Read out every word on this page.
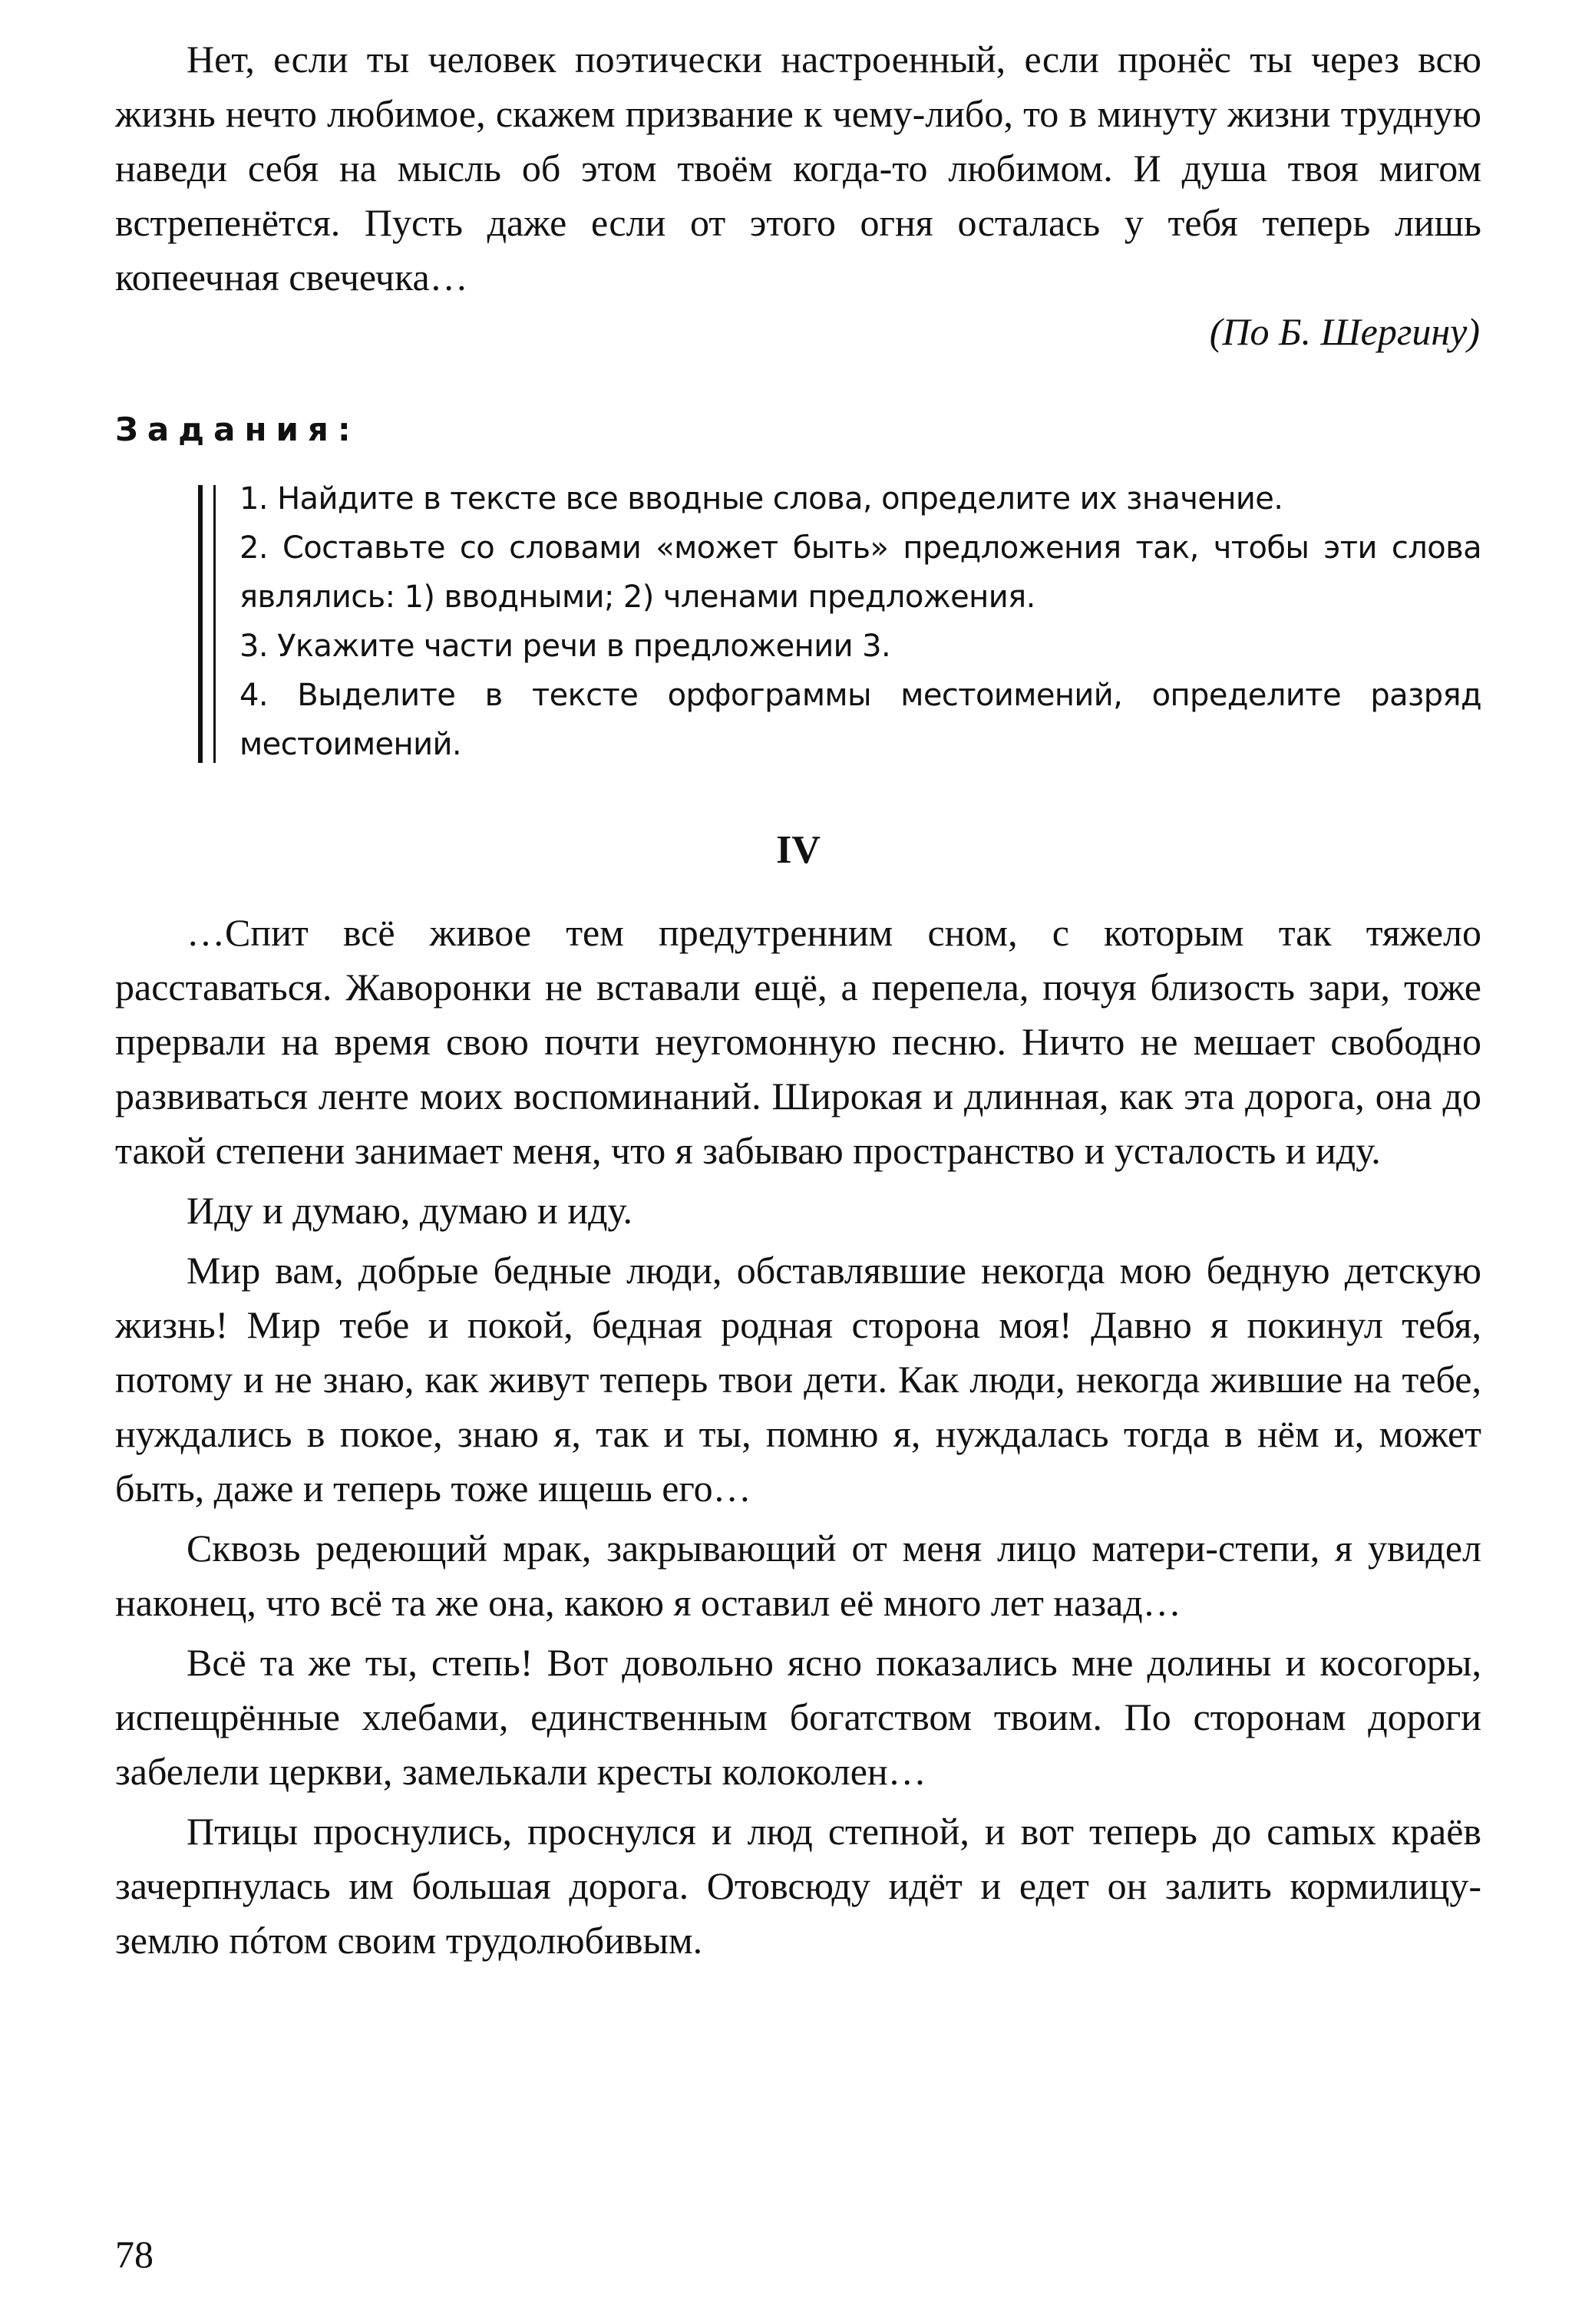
Нет, если ты человек поэтически настроенный, если пронёс ты через всю жизнь нечто любимое, скажем призвание к чему-либо, то в минуту жизни трудную наведи себя на мысль об этом твоём когда-то любимом. И душа твоя мигом встрепенётся. Пусть даже если от этого огня осталась у тебя теперь лишь копеечная свечечка…

(По Б. Шергину)

Задания:

1. Найдите в тексте все вводные слова, определите их значение.

2. Составьте со словами «может быть» предложения так, чтобы эти слова являлись: 1) вводными; 2) членами предложения.

3. Укажите части речи в предложении 3.

4. Выделите в тексте орфограммы местоимений, определите разряд местоимений.

IV

…Спит всё живое тем предутренним сном, с которым так тяжело расставаться. Жаворонки не вставали ещё, а перепела, почуя близость зари, тоже прервали на время свою почти неугомонную песню. Ничто не мешает свободно развиваться ленте моих воспоминаний. Широкая и длинная, как эта дорога, она до такой степени занимает меня, что я забываю пространство и усталость и иду.

Иду и думаю, думаю и иду.

Мир вам, добрые бедные люди, обставлявшие некогда мою бедную детскую жизнь! Мир тебе и покой, бедная родная сторона моя! Давно я покинул тебя, потому и не знаю, как живут теперь твои дети. Как люди, некогда жившие на тебе, нуждались в покое, знаю я, так и ты, помню я, нуждалась тогда в нём и, может быть, даже и теперь тоже ищешь его…

Сквозь редеющий мрак, закрывающий от меня лицо матери-степи, я увидел наконец, что всё та же она, какою я оставил её много лет назад…

Всё та же ты, степь! Вот довольно ясно показались мне долины и косогоры, испещрённые хлебами, единственным богатством твоим. По сторонам дороги забелели церкви, замелькали кресты колоколен…

Птицы проснулись, проснулся и люд степной, и вот теперь до саmых краёв зачерпнулась им большая дорога. Отовсюду идёт и едет он залить кормилицу-землю пóтом своим трудолюбивым.

78
